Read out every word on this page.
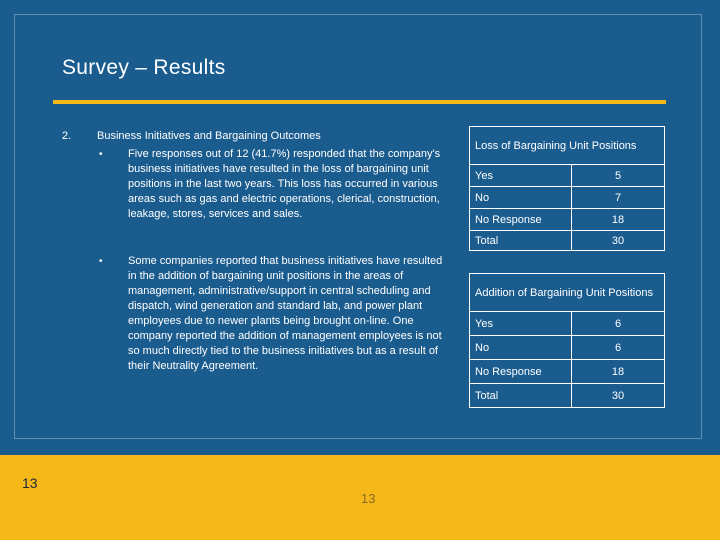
Survey – Results
2. Business Initiatives and Bargaining Outcomes
• Five responses out of 12 (41.7%) responded that the company's business initiatives have resulted in the loss of bargaining unit positions in the last two years. This loss has occurred in various areas such as gas and electric operations, clerical, construction, leakage, stores, services and sales.
• Some companies reported that business initiatives have resulted in the addition of bargaining unit positions in the areas of management, administrative/support in central scheduling and dispatch, wind generation and standard lab, and power plant employees due to newer plants being brought on-line. One company reported the addition of management employees is not so much directly tied to the business initiatives but as a result of their Neutrality Agreement.
Loss of Bargaining Unit Positions	
Yes	5
No	7
No Response	18
Total	30
Addition of Bargaining Unit Positions	
Yes	6
No	6
No Response	18
Total	30
13
13
